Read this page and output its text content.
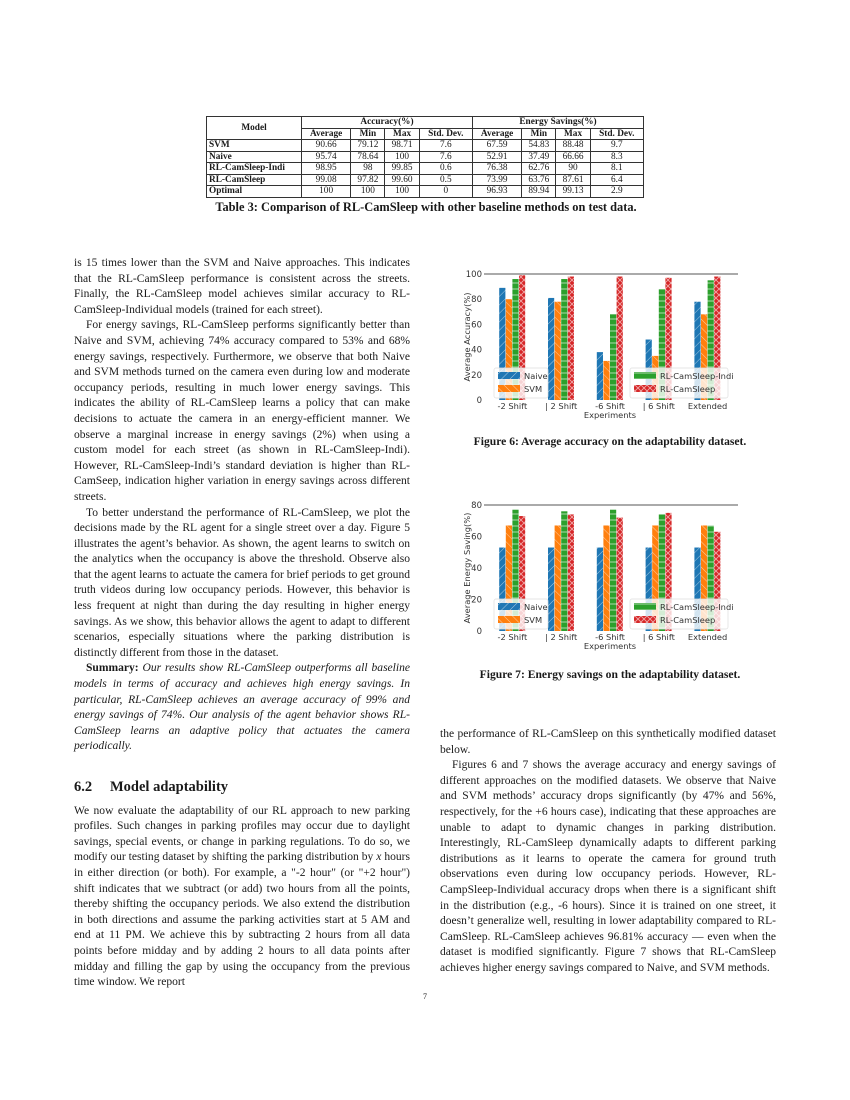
Model	Accuracy(%)				Energy Savings(%)			
	Average	Min	Max	Std. Dev.	Average	Min	Max	Std. Dev.
SVM	90.66	79.12	98.71	7.6	67.59	54.83	88.48	9.7
Naive	95.74	78.64	100	7.6	52.91	37.49	66.66	8.3
RL-CamSleep-Indi	98.95	98	99.85	0.6	76.38	62.76	90	8.1
RL-CamSleep	99.08	97.82	99.60	0.5	73.99	63.76	87.61	6.4
Optimal	100	100	100	0	96.93	89.94	99.13	2.9
Table 3: Comparison of RL-CamSleep with other baseline methods on test data.

is 15 times lower than the SVM and Naive approaches. This indicates that the RL-CamSleep performance is consistent across the streets. Finally, the RL-CamSleep model achieves similar accuracy to RL-CamSleep-Individual models (trained for each street).

For energy savings, RL-CamSleep performs significantly better than Naive and SVM, achieving 74% accuracy compared to 53% and 68% energy savings, respectively. Furthermore, we observe that both Naive and SVM methods turned on the camera even during low and moderate occupancy periods, resulting in much lower energy savings. This indicates the ability of RL-CamSleep learns a policy that can make decisions to actuate the camera in an energy-efficient manner. We observe a marginal increase in energy savings (2%) when using a custom model for each street (as shown in RL-CamSleep-Indi). However, RL-CamSleep-Indi’s standard deviation is higher than RL-CamSeep, indication higher variation in energy savings across different streets.

To better understand the performance of RL-CamSleep, we plot the decisions made by the RL agent for a single street over a day. Figure 5 illustrates the agent’s behavior. As shown, the agent learns to switch on the analytics when the occupancy is above the threshold. Observe also that the agent learns to actuate the camera for brief periods to get ground truth videos during low occupancy periods. However, this behavior is less frequent at night than during the day resulting in higher energy savings. As we show, this behavior allows the agent to adapt to different scenarios, especially situations where the parking distribution is distinctly different from those in the dataset.

Summary: Our results show RL-CamSleep outperforms all baseline models in terms of accuracy and achieves high energy savings. In particular, RL-CamSleep achieves an average accuracy of 99% and energy savings of 74%. Our analysis of the agent behavior shows RL-CamSleep learns an adaptive policy that actuates the camera periodically.

6.2 Model adaptability

We now evaluate the adaptability of our RL approach to new parking profiles. Such changes in parking profiles may occur due to daylight savings, special events, or change in parking regulations. To do so, we modify our testing dataset by shifting the parking distribution by x hours in either direction (or both). For example, a "-2 hour" (or "+2 hour") shift indicates that we subtract (or add) two hours from all the points, thereby shifting the occupancy periods. We also extend the distribution in both directions and assume the parking activities start at 5 AM and end at 11 PM. We achieve this by subtracting 2 hours from all data points before midday and by adding 2 hours to all data points after midday and filling the gap by using the occupancy from the previous time window. We report

0
20
40
60
80
100
Average Accuracy(%)
-2 Shift | 2 Shift -6 Shift | 6 Shift Extended
Experiments
Naive
SVM
RL-CamSleep-Indi
RL-CamSleep
Figure 6: Average accuracy on the adaptability dataset.
0
20
40
60
80
Average Energy Saving(%)
-2 Shift | 2 Shift -6 Shift | 6 Shift Extended
Experiments
Naive
SVM
RL-CamSleep-Indi
RL-CamSleep
Figure 7: Energy savings on the adaptability dataset.

the performance of RL-CamSleep on this synthetically modified dataset below.

Figures 6 and 7 shows the average accuracy and energy savings of different approaches on the modified datasets. We observe that Naive and SVM methods’ accuracy drops significantly (by 47% and 56%, respectively, for the +6 hours case), indicating that these approaches are unable to adapt to dynamic changes in parking distribution. Interestingly, RL-CamSleep dynamically adapts to different parking distributions as it learns to operate the camera for ground truth observations even during low occupancy periods. However, RL-CampSleep-Individual accuracy drops when there is a significant shift in the distribution (e.g., -6 hours). Since it is trained on one street, it doesn’t generalize well, resulting in lower adaptability compared to RL-CamSleep. RL-CamSleep achieves 96.81% accuracy — even when the dataset is modified significantly. Figure 7 shows that RL-CamSleep achieves higher energy savings compared to Naive, and SVM methods.

7
